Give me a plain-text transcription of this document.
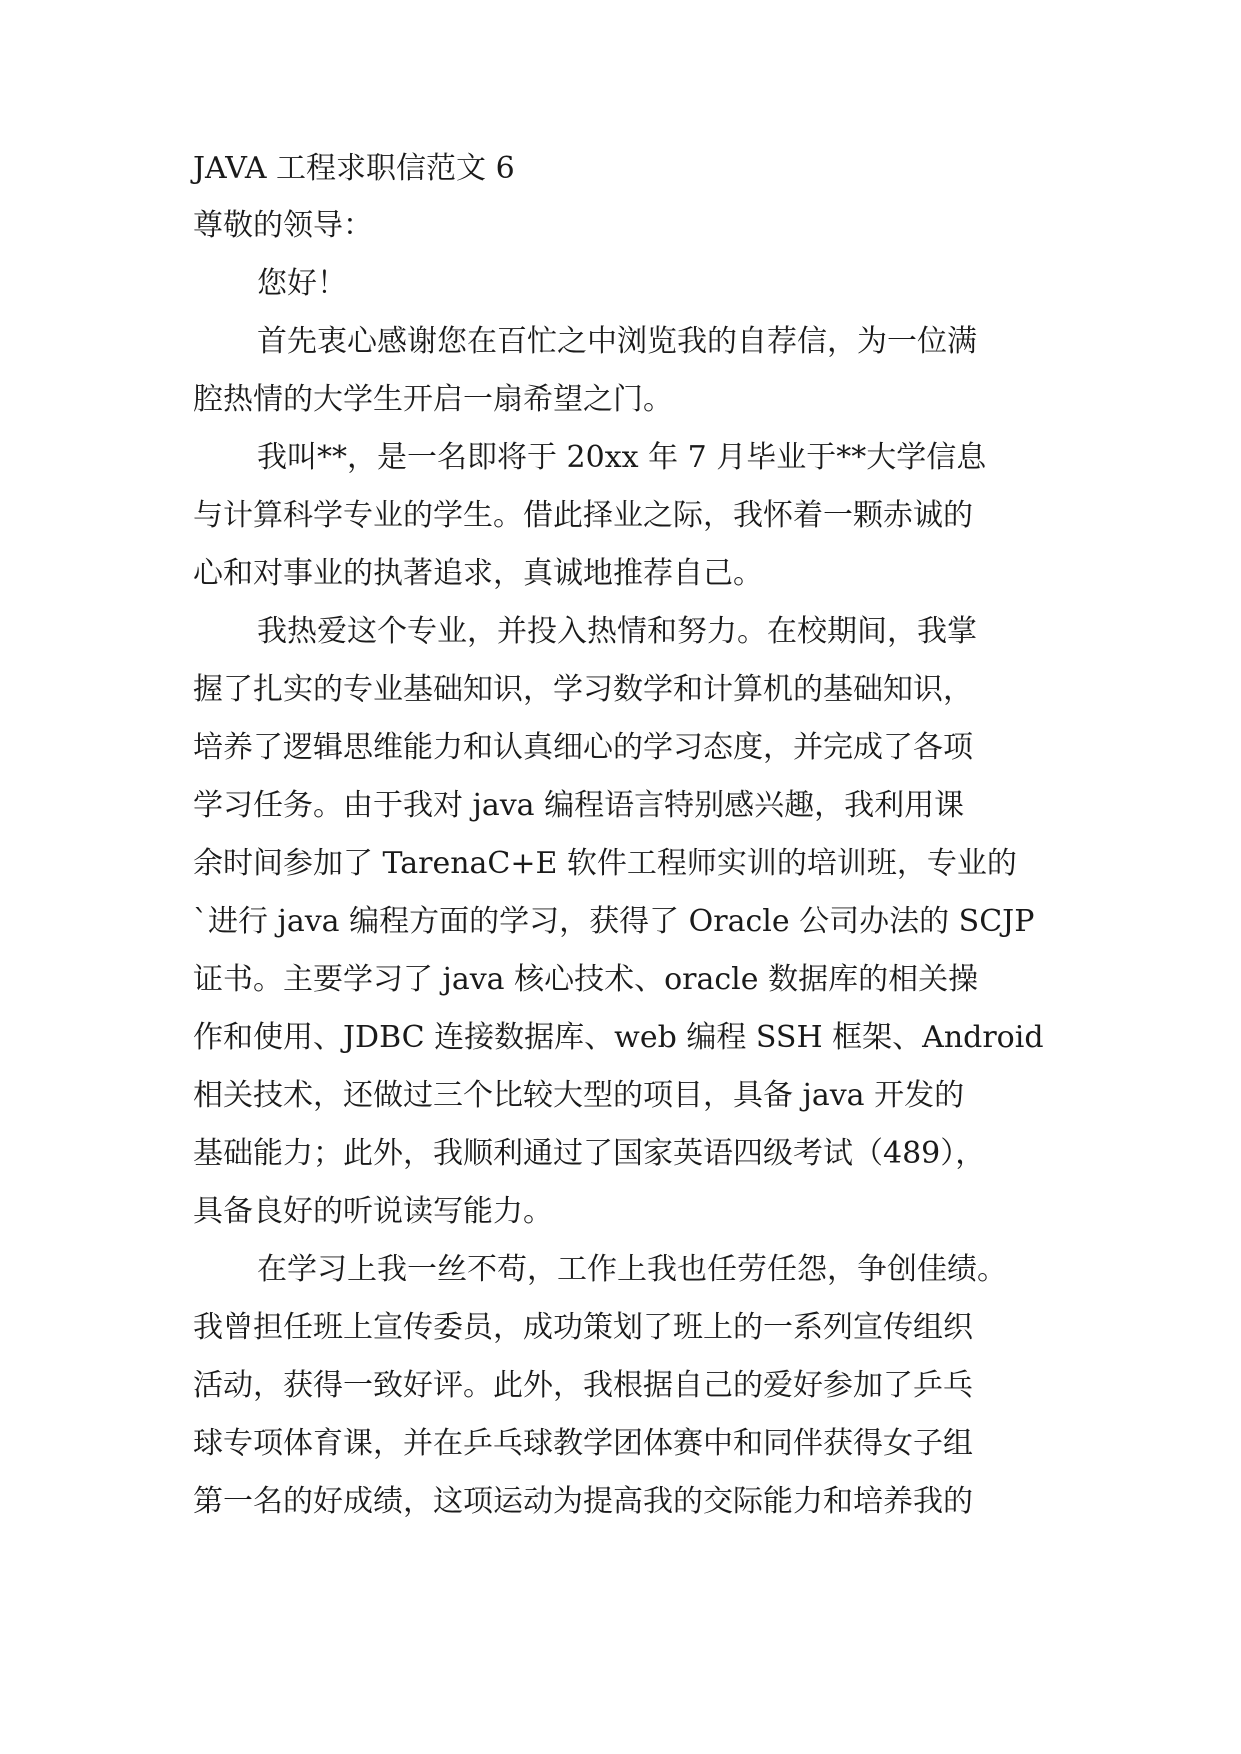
JAVA 工程求职信范文 6
尊敬的领导：
您好！
首先衷心感谢您在百忙之中浏览我的自荐信，为一位满
腔热情的大学生开启一扇希望之门。
我叫**，是一名即将于 20xx 年 7 月毕业于**大学信息
与计算科学专业的学生。借此择业之际，我怀着一颗赤诚的
心和对事业的执著追求，真诚地推荐自己。
我热爱这个专业，并投入热情和努力。在校期间，我掌
握了扎实的专业基础知识，学习数学和计算机的基础知识，
培养了逻辑思维能力和认真细心的学习态度，并完成了各项
学习任务。由于我对 java 编程语言特别感兴趣，我利用课
余时间参加了 TarenaC+E 软件工程师实训的培训班，专业的
`进行 java 编程方面的学习，获得了 Oracle 公司办法的 SCJP
证书。主要学习了 java 核心技术、oracle 数据库的相关操
作和使用、JDBC 连接数据库、web 编程 SSH 框架、Android
相关技术，还做过三个比较大型的项目，具备 java 开发的
基础能力；此外，我顺利通过了国家英语四级考试（489），
具备良好的听说读写能力。
在学习上我一丝不苟，工作上我也任劳任怨，争创佳绩。
我曾担任班上宣传委员，成功策划了班上的一系列宣传组织
活动，获得一致好评。此外，我根据自己的爱好参加了乒乓
球专项体育课，并在乒乓球教学团体赛中和同伴获得女子组
第一名的好成绩，这项运动为提高我的交际能力和培养我的
